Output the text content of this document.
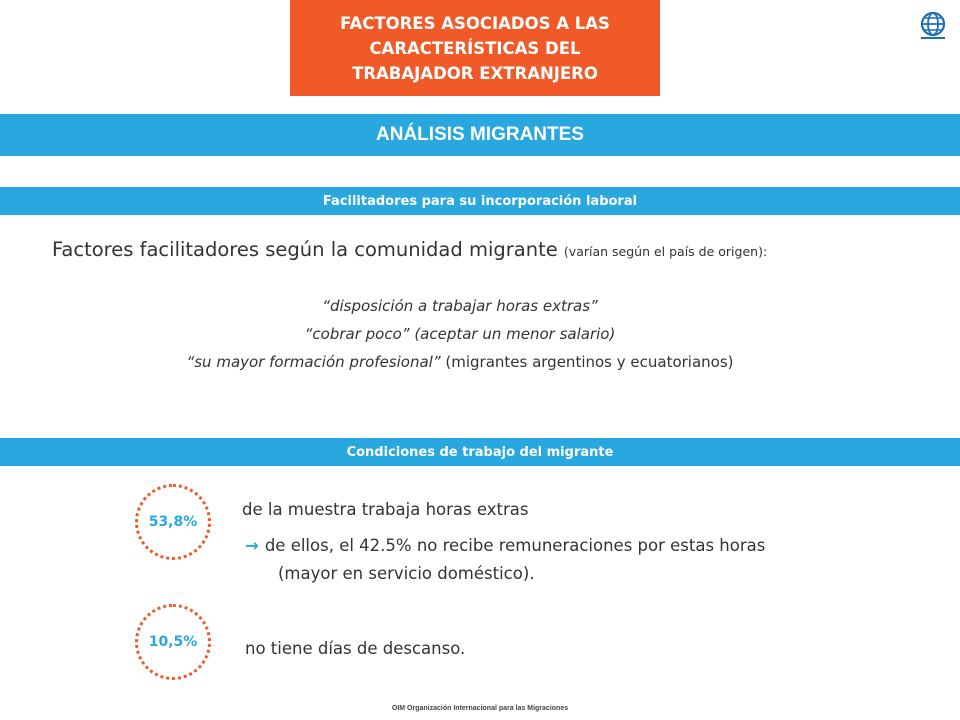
FACTORES ASOCIADOS A LAS
CARACTERÍSTICAS DEL
TRABAJADOR EXTRANJERO
ANÁLISIS MIGRANTES
Facilitadores para su incorporación laboral
Factores facilitadores según la comunidad migrante (varían según el país de origen):
“disposición a trabajar horas extras”
“cobrar poco” (aceptar un menor salario)
“su mayor formación profesional” (migrantes argentinos y ecuatorianos)
Condiciones de trabajo del migrante
53,8%
de la muestra trabaja horas extras
→ de ellos, el 42.5% no recibe remuneraciones por estas horas
(mayor en servicio doméstico).
10,5%	no tiene días de descanso.
OIM Organización Internacional para las Migraciones
